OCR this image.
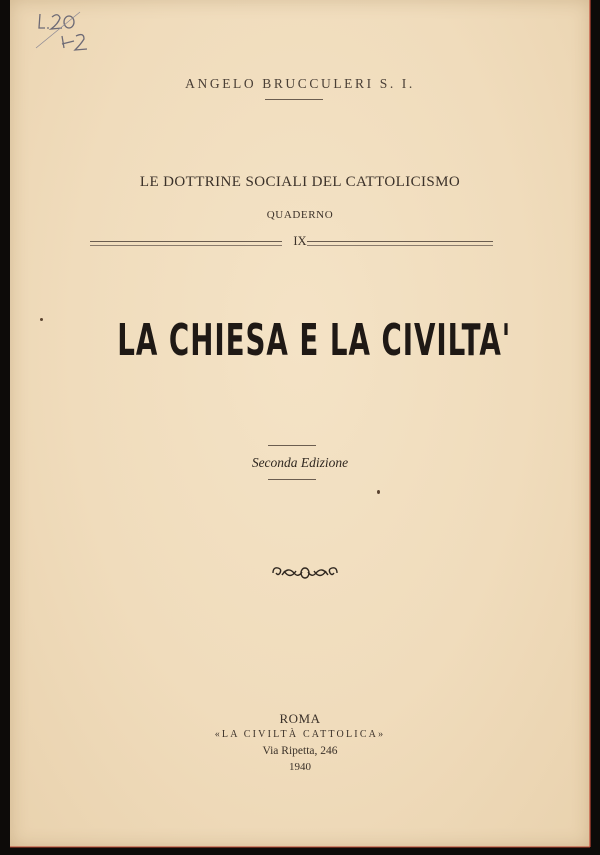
ANGELO BRUCCULERI S. I.
LE DOTTRINE SOCIALI DEL CATTOLICISMO
QUADERNO
IX
LA CHIESA E LA CIVILTA'
Seconda Edizione
ROMA
«LA CIVILTÀ CATTOLICA»
Via Ripetta, 246
1940
